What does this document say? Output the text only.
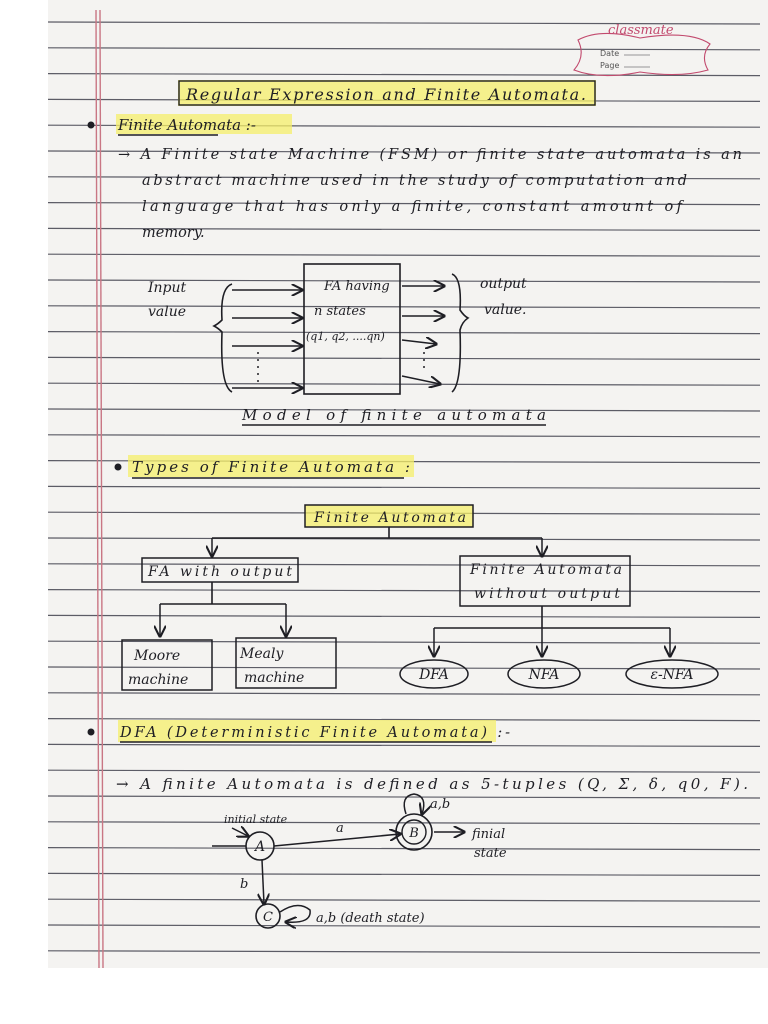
classmate
Date
Page
Regular Expression and Finite Automata.
Finite Automata :-
→ A Finite state Machine (FSM) or finite state automata is an
abstract machine used in the study of computation and
language that has only a finite, constant amount of
memory.
Input
value
FA having
n states
(q1, q2, ....qn)
output
value.
Model of finite automata
Types of Finite Automata :
Finite Automata
FA with output	Finite Automata
without output
Moore
machine
Mealy
machine	DFA	NFA	ε-NFA
DFA (Deterministic Finite Automata) :-
→ A finite Automata is defined as 5-tuples (Q, Σ, δ, q0, F).
initial state
A
a	B
a,b
finial
state
b
C	a,b (death state)
